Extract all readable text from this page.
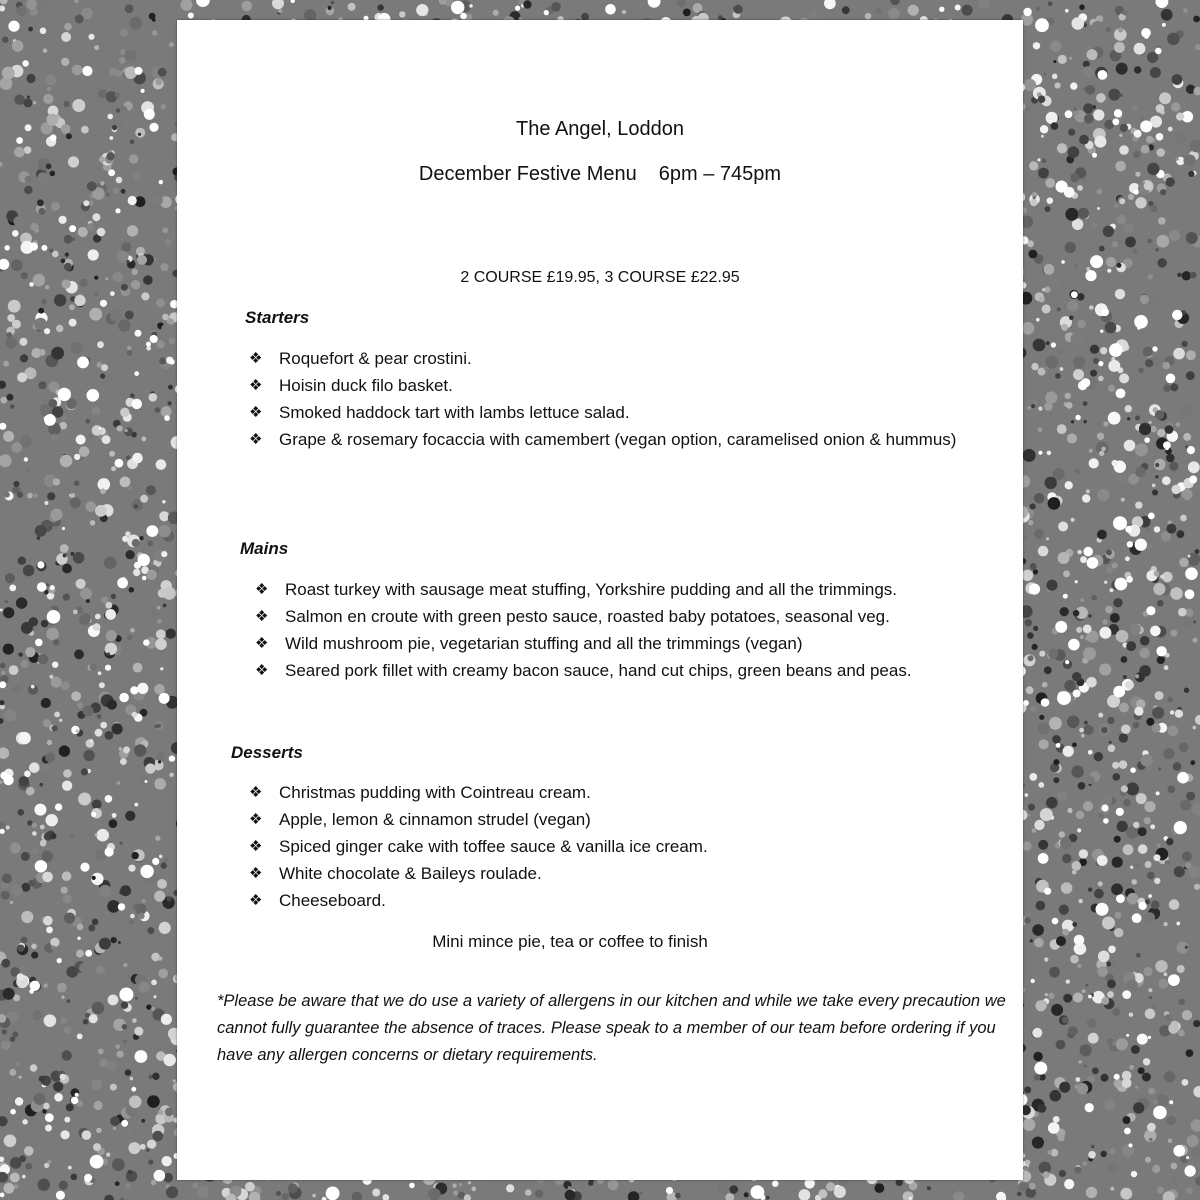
The Angel, Loddon
December Festive Menu 6pm – 745pm
2 COURSE £19.95, 3 COURSE £22.95
Starters
❖ Roquefort & pear crostini.
❖ Hoisin duck filo basket.
❖ Smoked haddock tart with lambs lettuce salad.
❖ Grape & rosemary focaccia with camembert (vegan option, caramelised onion & hummus)
Mains
❖ Roast turkey with sausage meat stuffing, Yorkshire pudding and all the trimmings.
❖ Salmon en croute with green pesto sauce, roasted baby potatoes, seasonal veg.
❖ Wild mushroom pie, vegetarian stuffing and all the trimmings (vegan)
❖ Seared pork fillet with creamy bacon sauce, hand cut chips, green beans and peas.
Desserts
❖ Christmas pudding with Cointreau cream.
❖ Apple, lemon & cinnamon strudel (vegan)
❖ Spiced ginger cake with toffee sauce & vanilla ice cream.
❖ White chocolate & Baileys roulade.
❖ Cheeseboard.
Mini mince pie, tea or coffee to finish
*Please be aware that we do use a variety of allergens in our kitchen and while we take every precaution we cannot fully guarantee the absence of traces. Please speak to a member of our team before ordering if you have any allergen concerns or dietary requirements.
